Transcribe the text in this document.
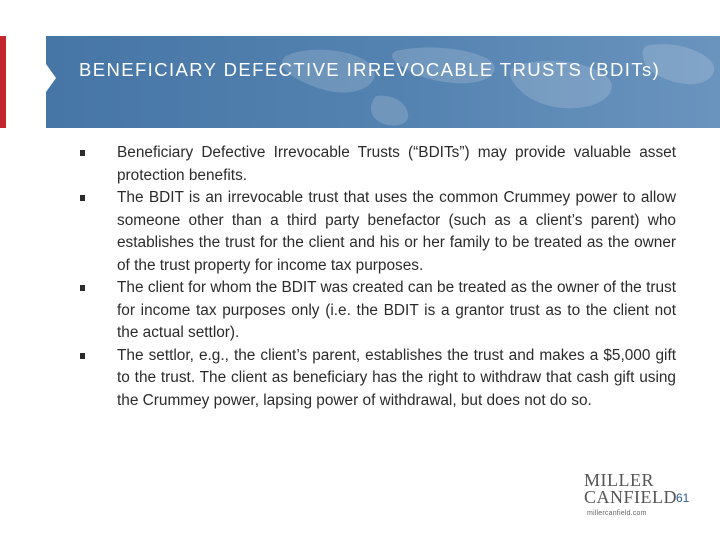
BENEFICIARY DEFECTIVE IRREVOCABLE TRUSTS (BDITs)
Beneficiary Defective Irrevocable Trusts (“BDITs”) may provide valuable asset protection benefits.
The BDIT is an irrevocable trust that uses the common Crummey power to allow someone other than a third party benefactor (such as a client’s parent) who establishes the trust for the client and his or her family to be treated as the owner of the trust property for income tax purposes.
The client for whom the BDIT was created can be treated as the owner of the trust for income tax purposes only (i.e. the BDIT is a grantor trust as to the client not the actual settlor).
The settlor, e.g., the client’s parent, establishes the trust and makes a $5,000 gift to the trust. The client as beneficiary has the right to withdraw that cash gift using the Crummey power, lapsing power of withdrawal, but does not do so.
MILLER
CANFIELD
millercanfield.com
61
